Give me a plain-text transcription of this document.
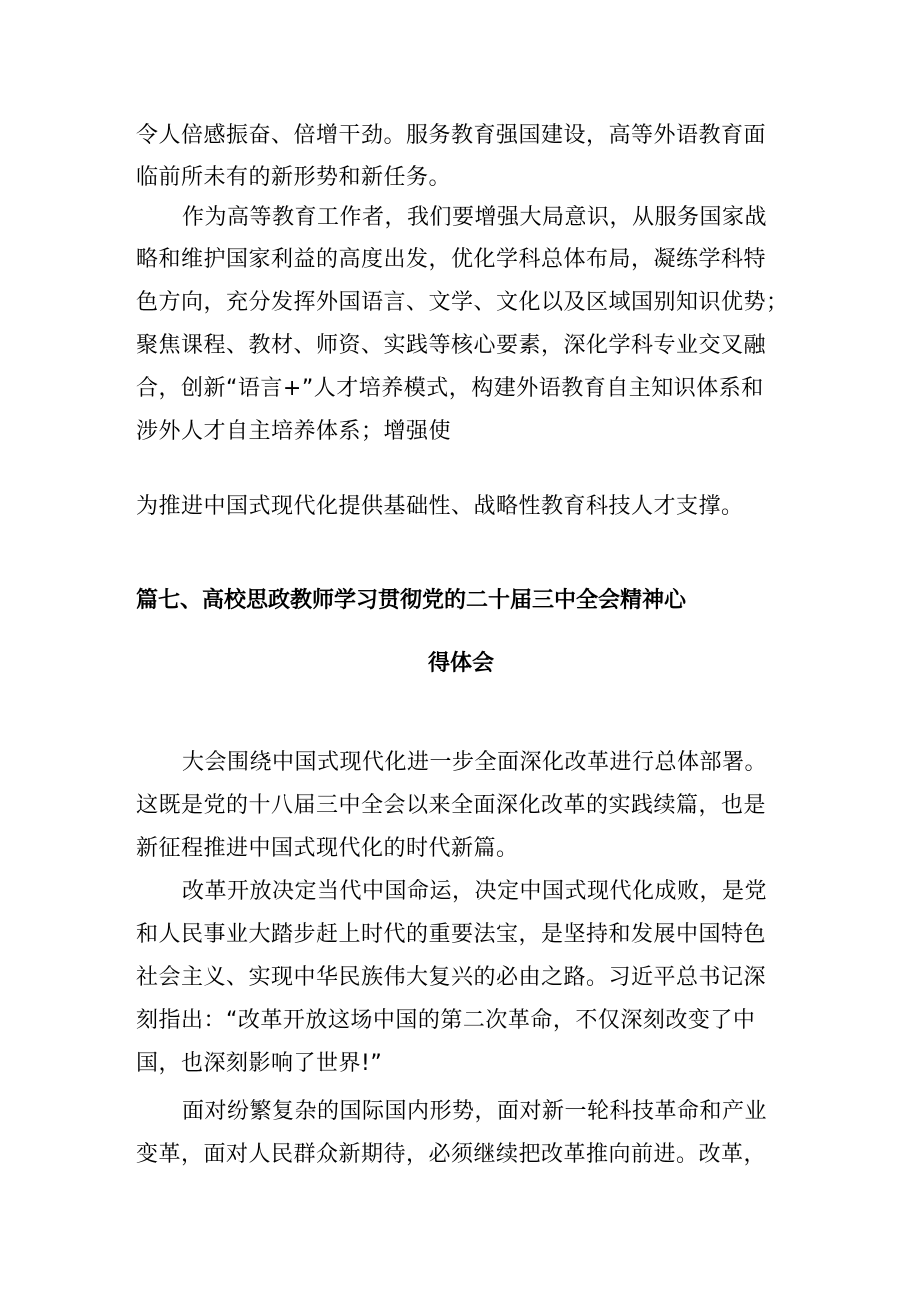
令人倍感振奋、倍增干劲。服务教育强国建设，高等外语教育面
临前所未有的新形势和新任务。
作为高等教育工作者，我们要增强大局意识，从服务国家战
略和维护国家利益的高度出发，优化学科总体布局，凝练学科特
色方向，充分发挥外国语言、文学、文化以及区域国别知识优势；
聚焦课程、教材、师资、实践等核心要素，深化学科专业交叉融
合，创新“语言+”人才培养模式，构建外语教育自主知识体系和
涉外人才自主培养体系；增强使
为推进中国式现代化提供基础性、战略性教育科技人才支撑。
篇七、高校思政教师学习贯彻党的二十届三中全会精神心
得体会
大会围绕中国式现代化进一步全面深化改革进行总体部署。
这既是党的十八届三中全会以来全面深化改革的实践续篇，也是
新征程推进中国式现代化的时代新篇。
改革开放决定当代中国命运，决定中国式现代化成败，是党
和人民事业大踏步赶上时代的重要法宝，是坚持和发展中国特色
社会主义、实现中华民族伟大复兴的必由之路。习近平总书记深
刻指出：“改革开放这场中国的第二次革命，不仅深刻改变了中
国，也深刻影响了世界!”
面对纷繁复杂的国际国内形势，面对新一轮科技革命和产业
变革，面对人民群众新期待，必须继续把改革推向前进。改革，
